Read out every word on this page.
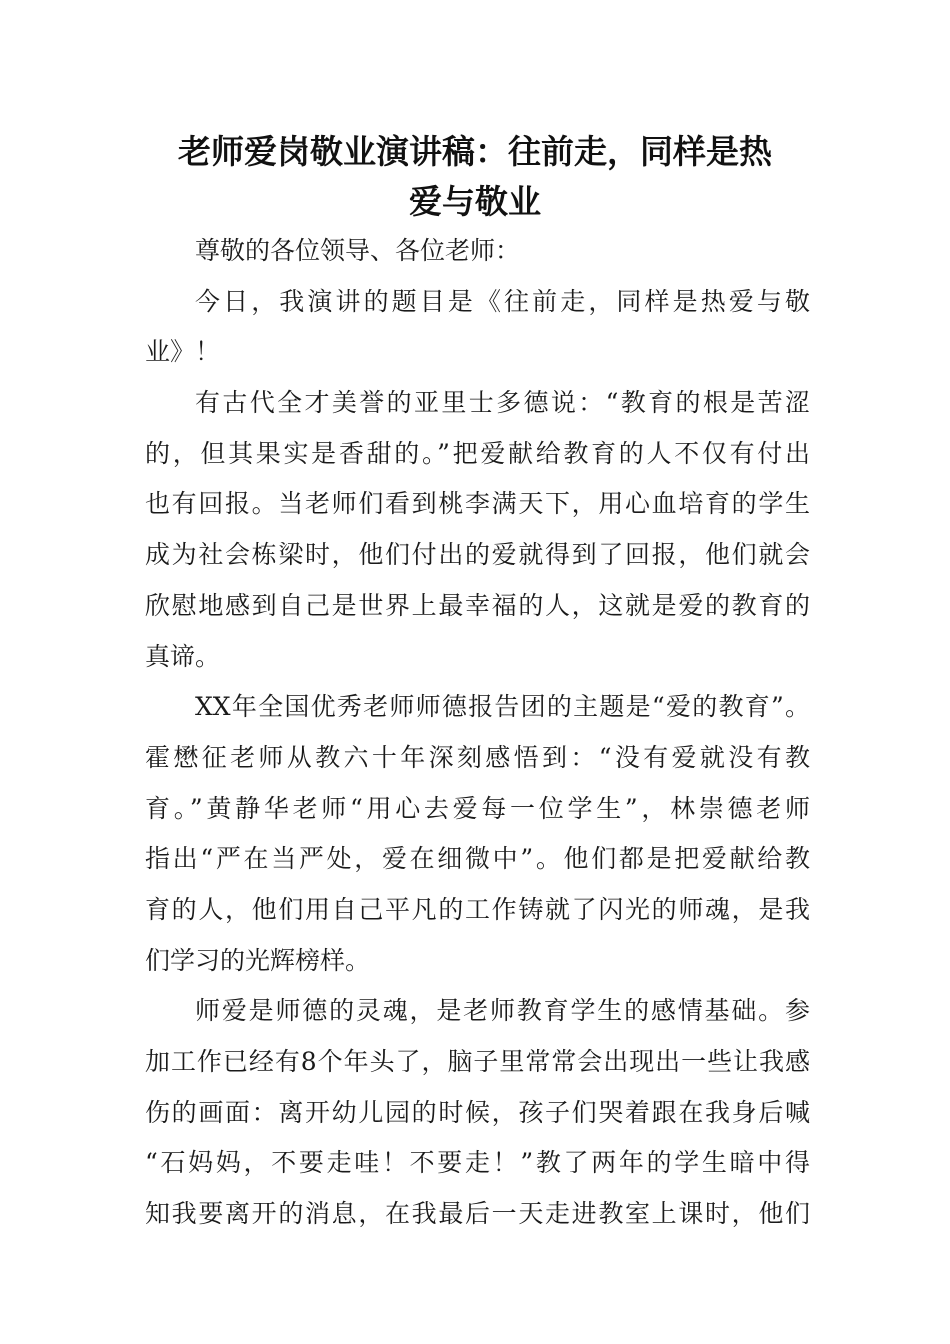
老师爱岗敬业演讲稿：往前走，同样是热
爱与敬业
尊敬的各位领导、各位老师：
今日，我演讲的题目是《往前走，同样是热爱与敬
业》！
有古代全才美誉的亚里士多德说：“教育的根是苦涩
的，但其果实是香甜的。”把爱献给教育的人不仅有付出
也有回报。当老师们看到桃李满天下，用心血培育的学生
成为社会栋梁时，他们付出的爱就得到了回报，他们就会
欣慰地感到自己是世界上最幸福的人，这就是爱的教育的
真谛。
XX年全国优秀老师师德报告团的主题是“爱的教育”。
霍懋征老师从教六十年深刻感悟到：“没有爱就没有教
育。”黄静华老师“用心去爱每一位学生”，林崇德老师
指出“严在当严处，爱在细微中”。他们都是把爱献给教
育的人，他们用自己平凡的工作铸就了闪光的师魂，是我
们学习的光辉榜样。
师爱是师德的灵魂，是老师教育学生的感情基础。参
加工作已经有8个年头了，脑子里常常会出现出一些让我感
伤的画面：离开幼儿园的时候，孩子们哭着跟在我身后喊
“石妈妈，不要走哇！不要走！”教了两年的学生暗中得
知我要离开的消息，在我最后一天走进教室上课时，他们
